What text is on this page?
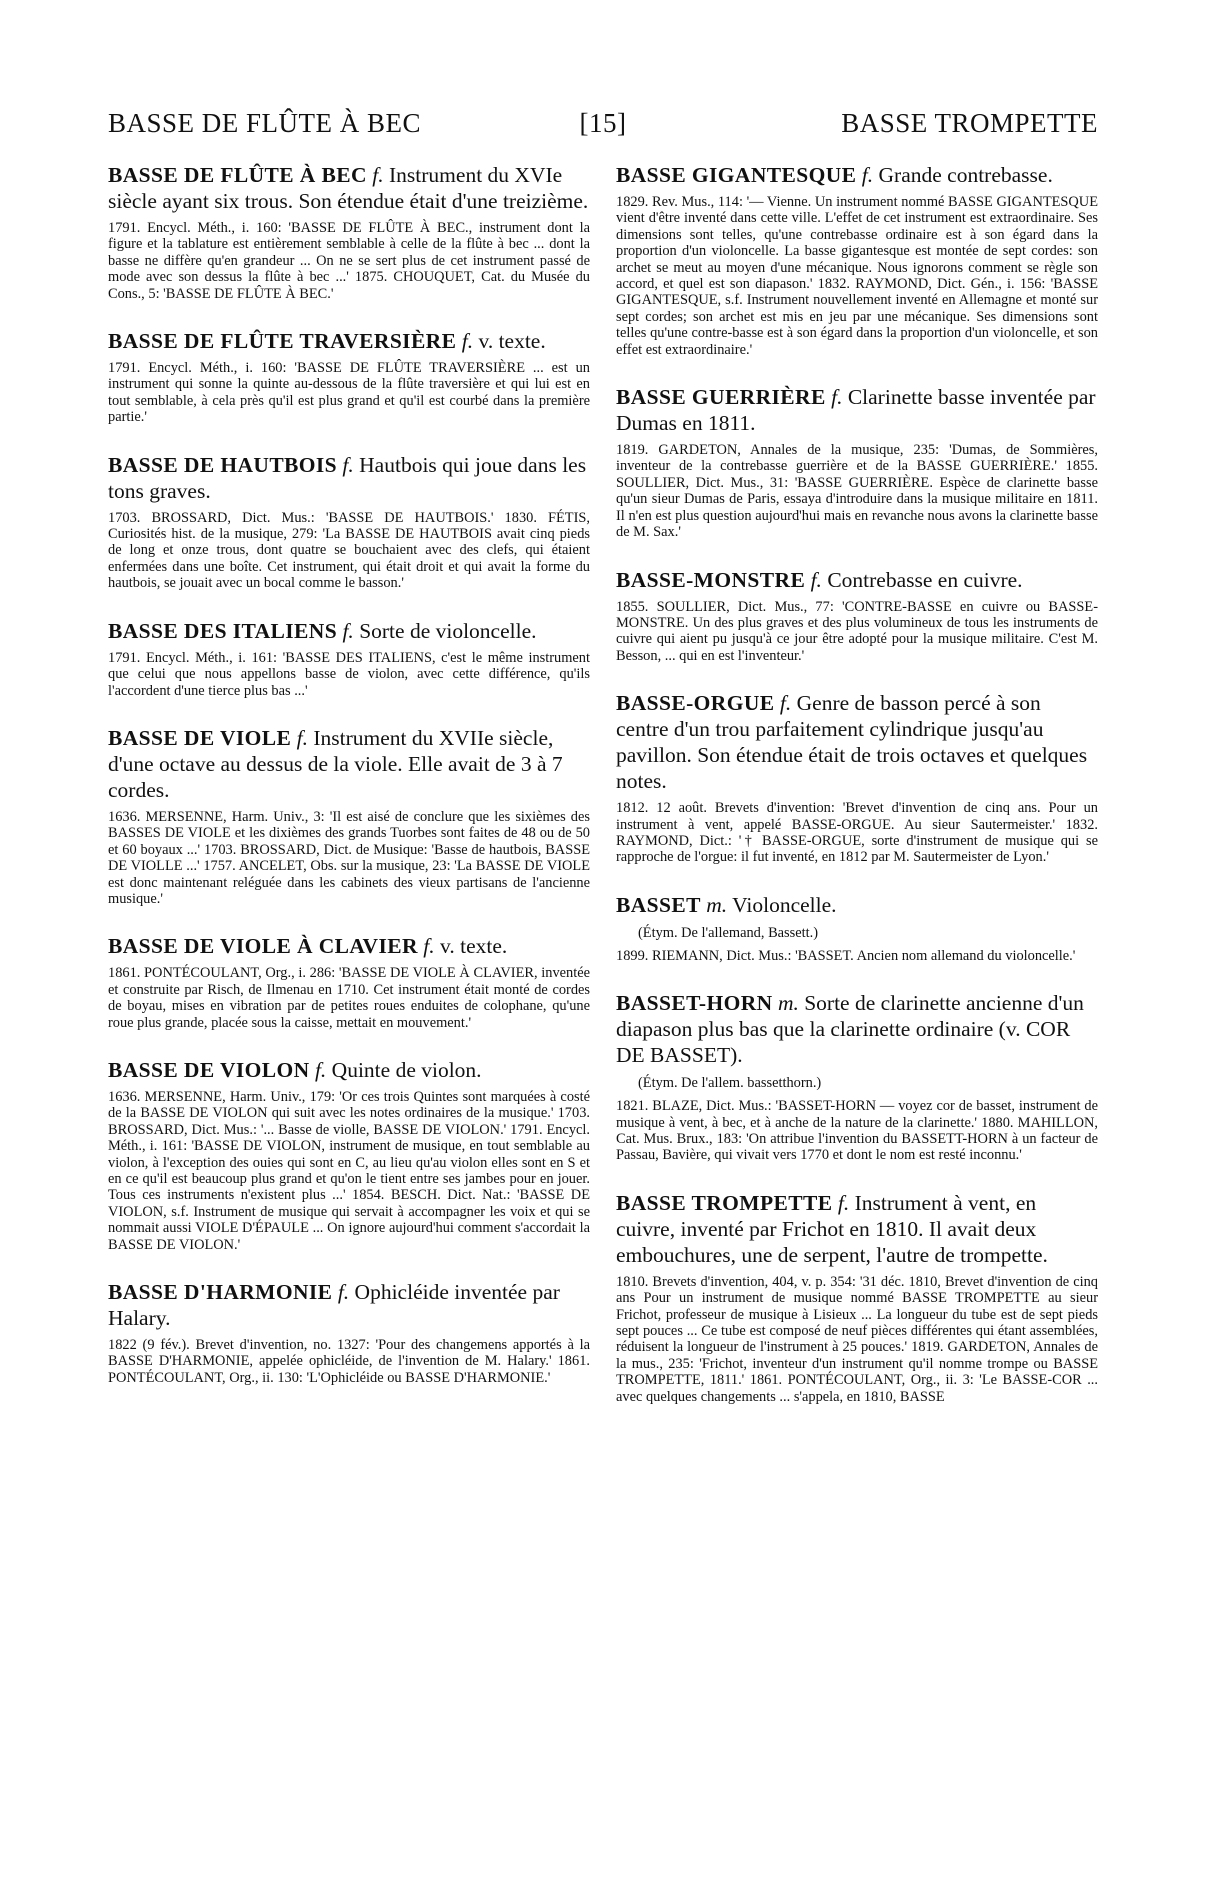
BASSE DE FLÛTE À BEC	[15]	BASSE TROMPETTE

BASSE DE FLÛTE À BEC f. Instrument du XVIe siècle ayant six trous. Son étendue était d'une treizième.

1791. Encycl. Méth., i. 160: 'BASSE DE FLÛTE À BEC., instrument dont la figure et la tablature est entièrement semblable à celle de la flûte à bec ... dont la basse ne diffère qu'en grandeur ... On ne se sert plus de cet instrument passé de mode avec son dessus la flûte à bec ...' 1875. CHOUQUET, Cat. du Musée du Cons., 5: 'BASSE DE FLÛTE À BEC.'

BASSE DE FLÛTE TRAVERSIÈRE f. v. texte.

1791. Encycl. Méth., i. 160: 'BASSE DE FLÛTE TRAVERSIÈRE ... est un instrument qui sonne la quinte au-dessous de la flûte traversière et qui lui est en tout semblable, à cela près qu'il est plus grand et qu'il est courbé dans la première partie.'

BASSE DE HAUTBOIS f. Hautbois qui joue dans les tons graves.

1703. BROSSARD, Dict. Mus.: 'BASSE DE HAUTBOIS.' 1830. FÉTIS, Curiosités hist. de la musique, 279: 'La BASSE DE HAUTBOIS avait cinq pieds de long et onze trous, dont quatre se bouchaient avec des clefs, qui étaient enfermées dans une boîte. Cet instrument, qui était droit et qui avait la forme du hautbois, se jouait avec un bocal comme le basson.'

BASSE DES ITALIENS f. Sorte de violoncelle.

1791. Encycl. Méth., i. 161: 'BASSE DES ITALIENS, c'est le même instrument que celui que nous appellons basse de violon, avec cette différence, qu'ils l'accordent d'une tierce plus bas ...'

BASSE DE VIOLE f. Instrument du XVIIe siècle, d'une octave au dessus de la viole. Elle avait de 3 à 7 cordes.

1636. MERSENNE, Harm. Univ., 3: 'Il est aisé de conclure que les sixièmes des BASSES DE VIOLE et les dixièmes des grands Tuorbes sont faites de 48 ou de 50 et 60 boyaux ...' 1703. BROSSARD, Dict. de Musique: 'Basse de hautbois, BASSE DE VIOLLE ...' 1757. ANCELET, Obs. sur la musique, 23: 'La BASSE DE VIOLE est donc maintenant reléguée dans les cabinets des vieux partisans de l'ancienne musique.'

BASSE DE VIOLE À CLAVIER f. v. texte.

1861. PONTÉCOULANT, Org., i. 286: 'BASSE DE VIOLE À CLAVIER, inventée et construite par Risch, de Ilmenau en 1710. Cet instrument était monté de cordes de boyau, mises en vibration par de petites roues enduites de colophane, qu'une roue plus grande, placée sous la caisse, mettait en mouvement.'

BASSE DE VIOLON f. Quinte de violon.

1636. MERSENNE, Harm. Univ., 179: 'Or ces trois Quintes sont marquées à costé de la BASSE DE VIOLON qui suit avec les notes ordinaires de la musique.' 1703. BROSSARD, Dict. Mus.: '... Basse de violle, BASSE DE VIOLON.' 1791. Encycl. Méth., i. 161: 'BASSE DE VIOLON, instrument de musique, en tout semblable au violon, à l'exception des ouies qui sont en C, au lieu qu'au violon elles sont en S et en ce qu'il est beaucoup plus grand et qu'on le tient entre ses jambes pour en jouer. Tous ces instruments n'existent plus ...' 1854. BESCH. Dict. Nat.: 'BASSE DE VIOLON, s.f. Instrument de musique qui servait à accompagner les voix et qui se nommait aussi VIOLE D'ÉPAULE ... On ignore aujourd'hui comment s'accordait la BASSE DE VIOLON.'

BASSE D'HARMONIE f. Ophicléide inventée par Halary.

1822 (9 fév.). Brevet d'invention, no. 1327: 'Pour des changemens apportés à la BASSE D'HARMONIE, appelée ophicléide, de l'invention de M. Halary.' 1861. PONTÉCOULANT, Org., ii. 130: 'L'Ophicléide ou BASSE D'HARMONIE.'

BASSE GIGANTESQUE f. Grande contrebasse.

1829. Rev. Mus., 114: '— Vienne. Un instrument nommé BASSE GIGANTESQUE vient d'être inventé dans cette ville. L'effet de cet instrument est extraordinaire. Ses dimensions sont telles, qu'une contrebasse ordinaire est à son égard dans la proportion d'un violoncelle. La basse gigantesque est montée de sept cordes: son archet se meut au moyen d'une mécanique. Nous ignorons comment se règle son accord, et quel est son diapason.' 1832. RAYMOND, Dict. Gén., i. 156: 'BASSE GIGANTESQUE, s.f. Instrument nouvellement inventé en Allemagne et monté sur sept cordes; son archet est mis en jeu par une mécanique. Ses dimensions sont telles qu'une contre-basse est à son égard dans la proportion d'un violoncelle, et son effet est extraordinaire.'

BASSE GUERRIÈRE f. Clarinette basse inventée par Dumas en 1811.

1819. GARDETON, Annales de la musique, 235: 'Dumas, de Sommières, inventeur de la contrebasse guerrière et de la BASSE GUERRIÈRE.' 1855. SOULLIER, Dict. Mus., 31: 'BASSE GUERRIÈRE. Espèce de clarinette basse qu'un sieur Dumas de Paris, essaya d'introduire dans la musique militaire en 1811. Il n'en est plus question aujourd'hui mais en revanche nous avons la clarinette basse de M. Sax.'

BASSE-MONSTRE f. Contrebasse en cuivre.

1855. SOULLIER, Dict. Mus., 77: 'CONTRE-BASSE en cuivre ou BASSE-MONSTRE. Un des plus graves et des plus volumineux de tous les instruments de cuivre qui aient pu jusqu'à ce jour être adopté pour la musique militaire. C'est M. Besson, ... qui en est l'inventeur.'

BASSE-ORGUE f. Genre de basson percé à son centre d'un trou parfaitement cylindrique jusqu'au pavillon. Son étendue était de trois octaves et quelques notes.

1812. 12 août. Brevets d'invention: 'Brevet d'invention de cinq ans. Pour un instrument à vent, appelé BASSE-ORGUE. Au sieur Sautermeister.' 1832. RAYMOND, Dict.: '† BASSE-ORGUE, sorte d'instrument de musique qui se rapproche de l'orgue: il fut inventé, en 1812 par M. Sautermeister de Lyon.'

BASSET m. Violoncelle.

(Étym. De l'allemand, Bassett.)

1899. RIEMANN, Dict. Mus.: 'BASSET. Ancien nom allemand du violoncelle.'

BASSET-HORN m. Sorte de clarinette ancienne d'un diapason plus bas que la clarinette ordinaire (v. COR DE BASSET).

(Étym. De l'allem. bassetthorn.)

1821. BLAZE, Dict. Mus.: 'BASSET-HORN — voyez cor de basset, instrument de musique à vent, à bec, et à anche de la nature de la clarinette.' 1880. MAHILLON, Cat. Mus. Brux., 183: 'On attribue l'invention du BASSETT-HORN à un facteur de Passau, Bavière, qui vivait vers 1770 et dont le nom est resté inconnu.'

BASSE TROMPETTE f. Instrument à vent, en cuivre, inventé par Frichot en 1810. Il avait deux embouchures, une de serpent, l'autre de trompette.

1810. Brevets d'invention, 404, v. p. 354: '31 déc. 1810, Brevet d'invention de cinq ans Pour un instrument de musique nommé BASSE TROMPETTE au sieur Frichot, professeur de musique à Lisieux ... La longueur du tube est de sept pieds sept pouces ... Ce tube est composé de neuf pièces différentes qui étant assemblées, réduisent la longueur de l'instrument à 25 pouces.' 1819. GARDETON, Annales de la mus., 235: 'Frichot, inventeur d'un instrument qu'il nomme trompe ou BASSE TROMPETTE, 1811.' 1861. PONTÉCOULANT, Org., ii. 3: 'Le BASSE-COR ... avec quelques changements ... s'appela, en 1810, BASSE
